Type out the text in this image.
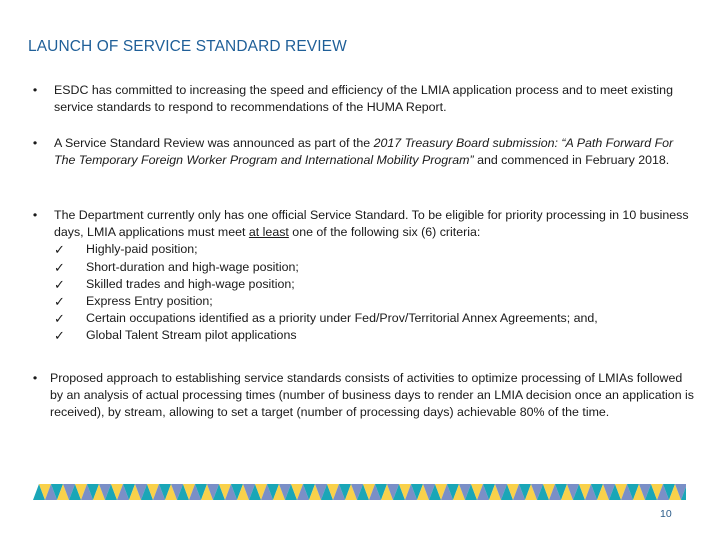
LAUNCH OF SERVICE STANDARD REVIEW
• ESDC has committed to increasing the speed and efficiency of the LMIA application process and to meet existing service standards to respond to recommendations of the HUMA Report.
• A Service Standard Review was announced as part of the 2017 Treasury Board submission: “A Path Forward For The Temporary Foreign Worker Program and International Mobility Program” and commenced in February 2018.
• The Department currently only has one official Service Standard. To be eligible for priority processing in 10 business days, LMIA applications must meet at least one of the following six (6) criteria:
✓ Highly-paid position;
✓ Short-duration and high-wage position;
✓ Skilled trades and high-wage position;
✓ Express Entry position;
✓ Certain occupations identified as a priority under Fed/Prov/Territorial Annex Agreements; and,
✓ Global Talent Stream pilot applications
• Proposed approach to establishing service standards consists of activities to optimize processing of LMIAs followed by an analysis of actual processing times (number of business days to render an LMIA decision once an application is received), by stream, allowing to set a target (number of processing days) achievable 80% of the time.
10
